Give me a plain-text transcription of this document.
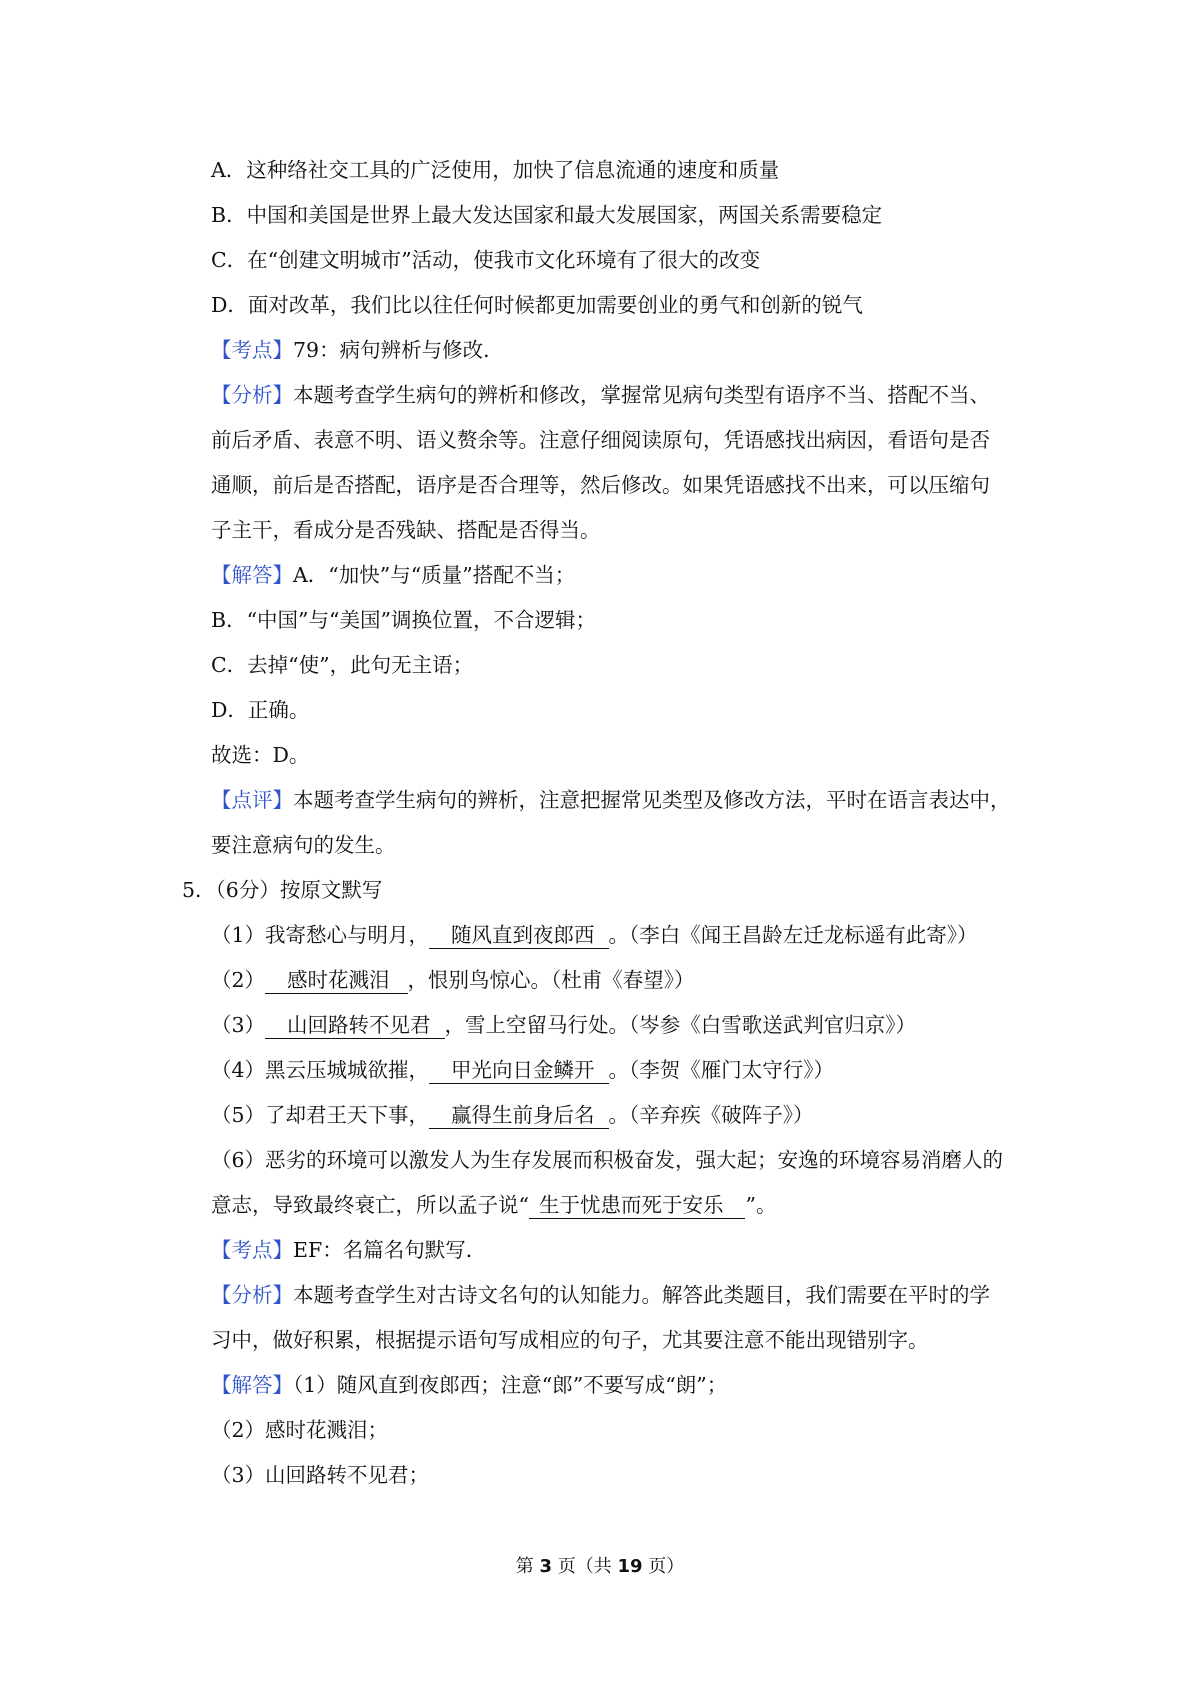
A．这种络社交工具的广泛使用，加快了信息流通的速度和质量
B．中国和美国是世界上最大发达国家和最大发展国家，两国关系需要稳定
C．在“创建文明城市”活动，使我市文化环境有了很大的改变
D．面对改革，我们比以往任何时候都更加需要创业的勇气和创新的锐气
【考点】79：病句辨析与修改．
【分析】本题考查学生病句的辨析和修改，掌握常见病句类型有语序不当、搭配不当、
前后矛盾、表意不明、语义赘余等。注意仔细阅读原句，凭语感找出病因，看语句是否
通顺，前后是否搭配，语序是否合理等，然后修改。如果凭语感找不出来，可以压缩句
子主干，看成分是否残缺、搭配是否得当。
【解答】A．“加快”与“质量”搭配不当；
B．“中国”与“美国”调换位置，不合逻辑；
C．去掉“使”，此句无主语；
D．正确。
故选：D。
【点评】本题考查学生病句的辨析，注意把握常见类型及修改方法，平时在语言表达中，
要注意病句的发生。
5．（6分）按原文默写
（1）我寄愁心与明月， 随风直到夜郎西 。（李白《闻王昌龄左迁龙标遥有此寄》）
（2） 感时花溅泪 ，恨别鸟惊心。（杜甫《春望》）
（3） 山回路转不见君 ，雪上空留马行处。（岑参《白雪歌送武判官归京》）
（4）黑云压城城欲摧， 甲光向日金鳞开 。（李贺《雁门太守行》）
（5）了却君王天下事， 赢得生前身后名 。（辛弃疾《破阵子》）
（6）恶劣的环境可以激发人为生存发展而积极奋发，强大起；安逸的环境容易消磨人的
意志，导致最终衰亡，所以孟子说“ 生于忧患而死于安乐 ”。
【考点】EF：名篇名句默写．
【分析】本题考查学生对古诗文名句的认知能力。解答此类题目，我们需要在平时的学
习中，做好积累，根据提示语句写成相应的句子，尤其要注意不能出现错别字。
【解答】（1）随风直到夜郎西；注意“郎”不要写成“朗”；
（2）感时花溅泪；
（3）山回路转不见君；
第 3 页（共 19 页）
